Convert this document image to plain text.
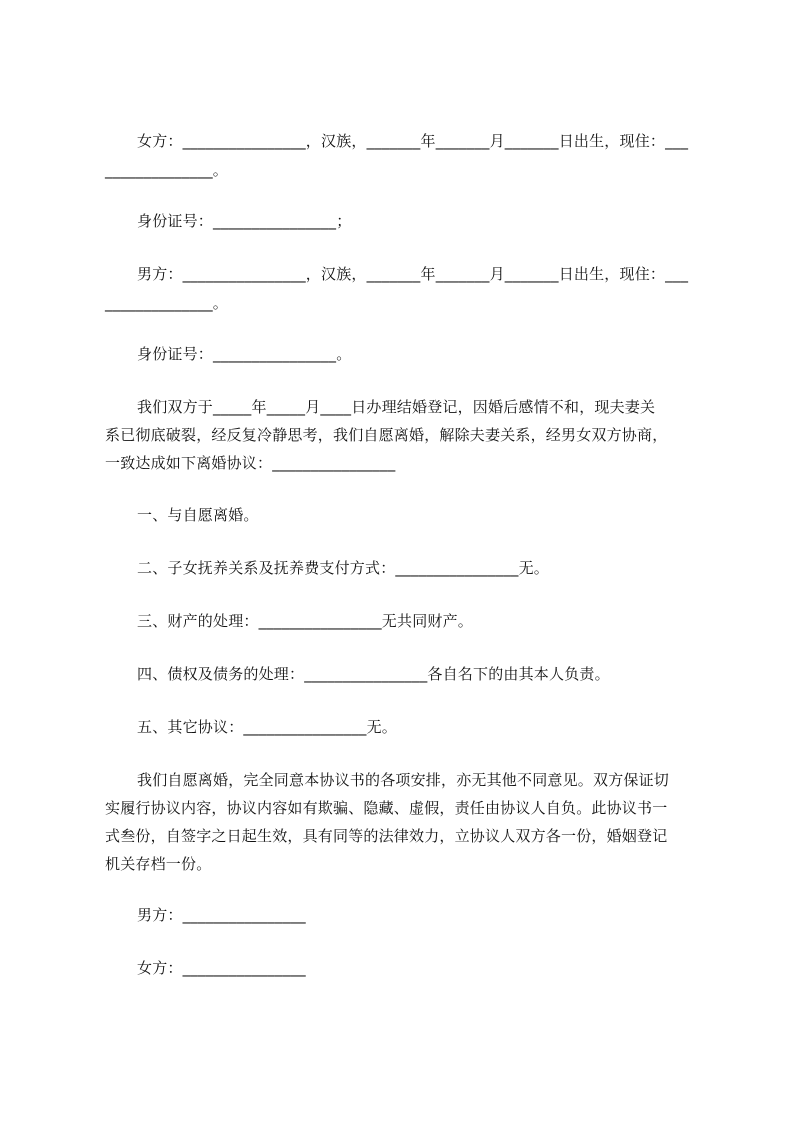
女方：________________，汉族，_______年_______月_______日出生，现住：___
______________。
身份证号：________________；
男方：________________，汉族，_______年_______月_______日出生，现住：___
______________。
身份证号：________________。
我们双方于_____年_____月____日办理结婚登记，因婚后感情不和，现夫妻关
系已彻底破裂，经反复冷静思考，我们自愿离婚，解除夫妻关系，经男女双方协商，
一致达成如下离婚协议：________________
一、与自愿离婚。
二、子女抚养关系及抚养费支付方式：________________无。
三、财产的处理：________________无共同财产。
四、债权及债务的处理：________________各自名下的由其本人负责。
五、其它协议：________________无。
我们自愿离婚，完全同意本协议书的各项安排，亦无其他不同意见。双方保证切
实履行协议内容，协议内容如有欺骗、隐藏、虚假，责任由协议人自负。此协议书一
式叁份，自签字之日起生效，具有同等的法律效力，立协议人双方各一份，婚姻登记
机关存档一份。
男方：________________
女方：________________
